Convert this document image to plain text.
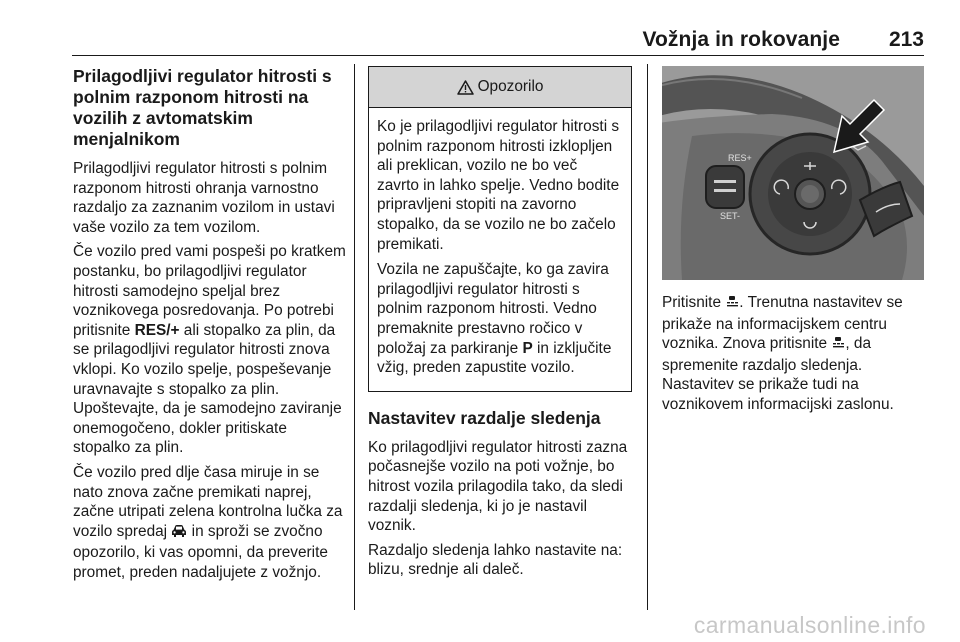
Vožnja in rokovanje 213
Prilagodljivi regulator hitrosti s polnim razponom hitrosti na vozilih z avtomatskim menjalnikom

Prilagodljivi regulator hitrosti s polnim razponom hitrosti ohranja varnostno razdaljo za zaznanim vozilom in ustavi vaše vozilo za tem vozilom.

Če vozilo pred vami pospeši po kratkem postanku, bo prilagodljivi regulator hitrosti samodejno speljal brez voznikovega posredovanja. Po potrebi pritisnite RES/+ ali stopalko za plin, da se prilagodljivi regulator hitrosti znova vklopi. Ko vozilo spelje, pospeševanje uravnavajte s stopalko za plin. Upoštevajte, da je samodejno zaviranje onemogočeno, dokler pritiskate stopalko za plin.

Če vozilo pred dlje časa miruje in se nato znova začne premikati naprej, začne utripati zelena kontrolna lučka za vozilo spredaj  in sproži se zvočno opozorilo, ki vas opomni, da preverite promet, preden nadaljujete z vožnjo.

Opozorilo

Ko je prilagodljivi regulator hitrosti s polnim razponom hitrosti izklopljen ali preklican, vozilo ne bo več zavrto in lahko spelje. Vedno bodite pripravljeni stopiti na zavorno stopalko, da se vozilo ne bo začelo premikati.

Vozila ne zapuščajte, ko ga zavira prilagodljivi regulator hitrosti s polnim razponom hitrosti. Vedno premaknite prestavno ročico v položaj za parkiranje P in izključite vžig, preden zapustite vozilo.

Nastavitev razdalje sledenja

Ko prilagodljivi regulator hitrosti zazna počasnejše vozilo na poti vožnje, bo hitrost vozila prilagodila tako, da sledi razdalji sledenja, ki jo je nastavil voznik.

Razdaljo sledenja lahko nastavite na: blizu, srednje ali daleč.

RES+
SET-

Pritisnite . Trenutna nastavitev se prikaže na informacijskem centru voznika. Znova pritisnite , da spremenite razdaljo sledenja. Nastavitev se prikaže tudi na voznikovem informacijski zaslonu.

carmanualsonline.info
